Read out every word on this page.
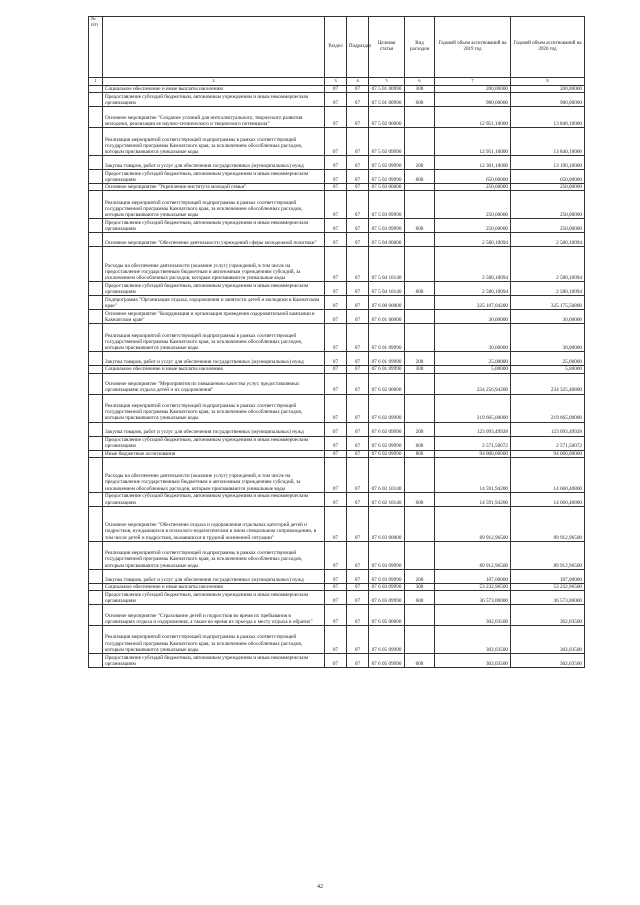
№ п/п		Раздел	Подраздел	Целевая статья	Вид расходов	Годовой объем ассигнований на 2019 год	Годовой объем ассигнований на 2020 год
1	2	3	4	5	6	7	8
	Социальное обеспечение и иные выплаты населению	07	07	07 5 01 00990	300	200,00000	200,00000
	Предоставление субсидий бюджетным, автономным учреждениям и иным некоммерческим организациям	07	07	07 5 01 00990	600	980,00000	980,00000
	Основное мероприятие "Создание условий для интеллектуального, творческого развития молодежи, реализации ее научно-технического и творческого потенциала"	07	07	07 5 02 00000		12 951,10000	13 840,10000
	Реализация мероприятий соответствующей подпрограммы в рамках соответствующей государственной программы Камчатского края, за исключением обособленных расходов, которым присваиваются уникальные коды	07	07	07 5 02 09990		12 951,10000	13 840,10000
	Закупка товаров, работ и услуг для обеспечения государственных (муниципальных) нужд	07	07	07 5 02 09990	200	12 301,10000	13 190,10000
	Предоставление субсидий бюджетным, автономным учреждениям и иным некоммерческим организациям	07	07	07 5 02 09990	600	650,00000	650,00000
	Основное мероприятие "Укрепление института молодой семьи"	07	07	07 5 03 00000		250,00000	250,00000
	Реализация мероприятий соответствующей подпрограммы в рамках соответствующей государственной программы Камчатского края, за исключением обособленных расходов, которым присваиваются уникальные коды	07	07	07 5 03 09990		250,00000	250,00000
	Предоставление субсидий бюджетным, автономным учреждениям и иным некоммерческим организациям	07	07	07 5 03 09990	600	250,00000	250,00000
	Основное мероприятие "Обеспечение деятельности учреждений сферы молодежной политики"	07	07	07 5 04 00000		2 580,10094	2 580,10094
	Расходы на обеспечение деятельности (оказание услуг) учреждений, в том числе на предоставление государственным бюджетным и автономным учреждениям субсидий, за исключением обособленных расходов, которым присваиваются уникальные коды	07	07	07 5 04 10140		2 580,10094	2 580,10094
	Предоставление субсидий бюджетным, автономным учреждениям и иным некоммерческим организациям	07	07	07 5 04 10140	600	2 580,10094	2 580,10094
	Подпрограмма "Организация отдыха, оздоровления и занятости детей и молодежи в Камчатском крае"	07	07	07 6 00 00000		325 107,04200	325 175,50800
	Основное мероприятие "Координация и организация проведения оздоровительной кампании в Камчатском крае"	07	07	07 6 01 00000		30,00000	30,00000
	Реализация мероприятий соответствующей подпрограммы в рамках соответствующей государственной программы Камчатского края, за исключением обособленных расходов, которым присваиваются уникальные коды	07	07	07 6 01 09990		30,00000	30,00000
	Закупка товаров, работ и услуг для обеспечения государственных (муниципальных) нужд	07	07	07 6 01 09990	200	25,00000	25,00000
	Социальное обеспечение и иные выплаты населению	07	07	07 6 01 09990	300	5,00000	5,00000
	Основное мероприятие "Мероприятия по повышению качества услуг, предоставляемых организациями отдыха детей и их оздоровления"	07	07	07 6 02 00000		234 256,94200	234 325,40800
	Реализация мероприятий соответствующей подпрограммы в рамках соответствующей государственной программы Камчатского края, за исключением обособленных расходов, которым присваиваются уникальные коды	07	07	07 6 02 09990		219 665,00000	219 665,00000
	Закупка товаров, работ и услуг для обеспечения государственных (муниципальных) нужд	07	07	07 6 02 09990	200	123 093,49928	123 093,49928
	Предоставление субсидий бюджетным, автономным учреждениям и иным некоммерческим организациям	07	07	07 6 02 09990	600	2 571,50072	2 571,50072
	Иные бюджетные ассигнования	07	07	07 6 02 09990	800	94 000,00000	94 000,00000
	Расходы на обеспечение деятельности (оказание услуг) учреждений, в том числе на предоставление государственным бюджетным и автономным учреждениям субсидий, за исключением обособленных расходов, которым присваиваются уникальные коды	07	07	07 6 02 10140		14 591,94200	14 660,40800
	Предоставление субсидий бюджетным, автономным учреждениям и иным некоммерческим организациям	07	07	07 6 02 10140	600	14 591,94200	14 660,40800
	Основное мероприятие "Обеспечение отдыха и оздоровления отдельных категорий детей и подростков, нуждающихся в психолого-педагогическом и ином специальном сопровождении, в том числе детей и подростков, оказавшихся в трудной жизненной ситуации"	07	07	07 6 03 00000		89 912,96500	89 912,96500
	Реализация мероприятий соответствующей подпрограммы в рамках соответствующей государственной программы Камчатского края, за исключением обособленных расходов, которым присваиваются уникальные коды	07	07	07 6 03 09990		89 912,96500	89 912,96500
	Закупка товаров, работ и услуг для обеспечения государственных (муниципальных) нужд	07	07	07 6 03 09990	200	107,00000	107,00000
	Социальное обеспечение и иные выплаты населению	07	07	07 6 03 09990	300	53 232,96500	53 232,96500
	Предоставление субсидий бюджетным, автономным учреждениям и иным некоммерческим организациям	07	07	07 6 03 09990	600	36 573,00000	36 573,00000
	Основное мероприятие "Страхование детей и подростков во время их пребывания в организациях отдыха и оздоровления, а также во время их проезда к месту отдыха и обратно"	07	07	07 6 05 00000		302,03500	302,03500
	Реализация мероприятий соответствующей подпрограммы в рамках соответствующей государственной программы Камчатского края, за исключением обособленных расходов, которым присваиваются уникальные коды	07	07	07 6 05 09990		302,03500	302,03500
	Предоставление субсидий бюджетным, автономным учреждениям и иным некоммерческим организациям	07	07	07 6 05 09990	600	302,03500	302,03500
42
